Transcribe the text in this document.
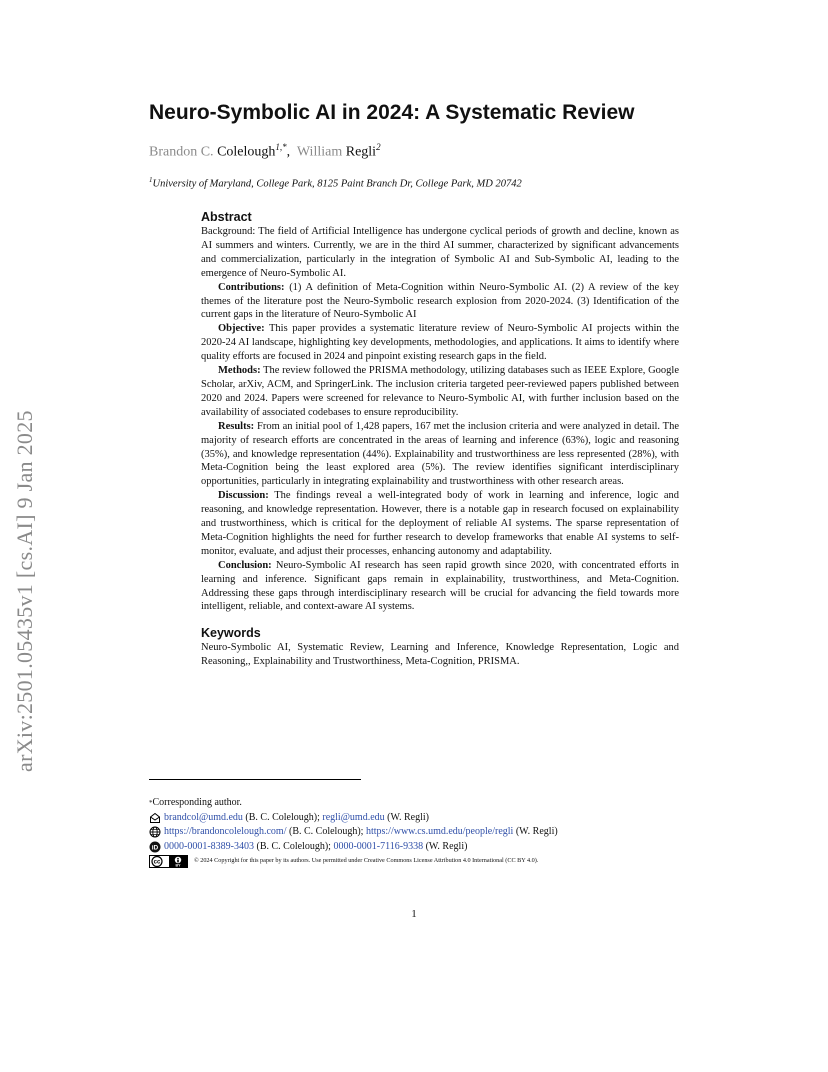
arXiv:2501.05435v1 [cs.AI] 9 Jan 2025
Neuro-Symbolic AI in 2024: A Systematic Review
Brandon C. Colelough$^{1,*}$,  William Regli$^2$
$^1$University of Maryland, College Park, 8125 Paint Branch Dr, College Park, MD 20742
Abstract

Background: The field of Artificial Intelligence has undergone cyclical periods of growth and decline, known as AI summers and winters. Currently, we are in the third AI summer, characterized by significant advancements and commercialization, particularly in the integration of Symbolic AI and Sub-Symbolic AI, leading to the emergence of Neuro-Symbolic AI.

Contributions: (1) A definition of Meta-Cognition within Neuro-Symbolic AI. (2) A review of the key themes of the literature post the Neuro-Symbolic research explosion from 2020-2024. (3) Identification of the current gaps in the literature of Neuro-Symbolic AI

Objective: This paper provides a systematic literature review of Neuro-Symbolic AI projects within the 2020-24 AI landscape, highlighting key developments, methodologies, and applications. It aims to identify where quality efforts are focused in 2024 and pinpoint existing research gaps in the field.

Methods: The review followed the PRISMA methodology, utilizing databases such as IEEE Explore, Google Scholar, arXiv, ACM, and SpringerLink. The inclusion criteria targeted peer-reviewed papers published between 2020 and 2024. Papers were screened for relevance to Neuro-Symbolic AI, with further inclusion based on the availability of associated codebases to ensure reproducibility.

Results: From an initial pool of 1,428 papers, 167 met the inclusion criteria and were analyzed in detail. The majority of research efforts are concentrated in the areas of learning and inference (63%), logic and reasoning (35%), and knowledge representation (44%). Explainability and trustworthiness are less represented (28%), with Meta-Cognition being the least explored area (5%). The review identifies significant interdisciplinary opportunities, particularly in integrating explainability and trustworthiness with other research areas.

Discussion: The findings reveal a well-integrated body of work in learning and inference, logic and reasoning, and knowledge representation. However, there is a notable gap in research focused on explainability and trustworthiness, which is critical for the deployment of reliable AI systems. The sparse representation of Meta-Cognition highlights the need for further research to develop frameworks that enable AI systems to self-monitor, evaluate, and adjust their processes, enhancing autonomy and adaptability.

Conclusion: Neuro-Symbolic AI research has seen rapid growth since 2020, with concentrated efforts in learning and inference. Significant gaps remain in explainability, trustworthiness, and Meta-Cognition. Addressing these gaps through interdisciplinary research will be crucial for advancing the field towards more intelligent, reliable, and context-aware AI systems.

Keywords

Neuro-Symbolic AI, Systematic Review, Learning and Inference, Knowledge Representation, Logic and Reasoning,, Explainability and Trustworthiness, Meta-Cognition, PRISMA.

* Corresponding author.
brandcol@umd.edu (B. C. Colelough); regli@umd.edu (W. Regli)
https://brandoncolelough.com/ (B. C. Colelough); https://www.cs.umd.edu/people/regli (W. Regli)
iD 0000-0001-8389-3403 (B. C. Colelough); 0000-0001-7116-9338 (W. Regli)
cc	BY
© 2024 Copyright for this paper by its authors. Use permitted under Creative Commons License Attribution 4.0 International (CC BY 4.0).
1
